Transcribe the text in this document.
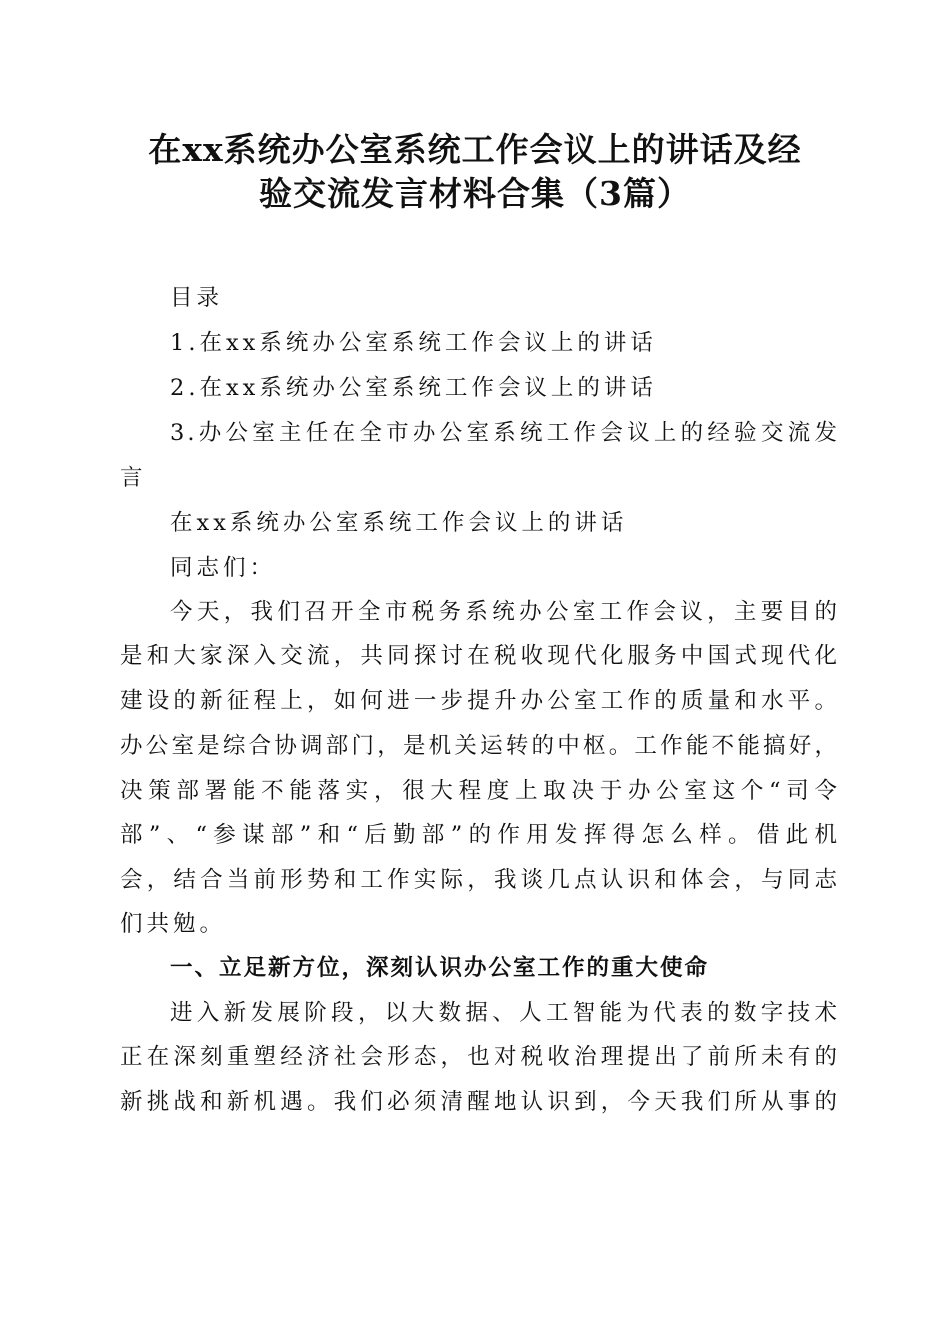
在xx系统办公室系统工作会议上的讲话及经
验交流发言材料合集（3篇）
目录
1.在xx系统办公室系统工作会议上的讲话
2.在xx系统办公室系统工作会议上的讲话
3.办公室主任在全市办公室系统工作会议上的经验交流发
言
在xx系统办公室系统工作会议上的讲话
同志们：
今天，我们召开全市税务系统办公室工作会议，主要目的
是和大家深入交流，共同探讨在税收现代化服务中国式现代化
建设的新征程上，如何进一步提升办公室工作的质量和水平。
办公室是综合协调部门，是机关运转的中枢。工作能不能搞好，
决策部署能不能落实，很大程度上取决于办公室这个“司令
部”、“参谋部”和“后勤部”的作用发挥得怎么样。借此机
会，结合当前形势和工作实际，我谈几点认识和体会，与同志
们共勉。
一、立足新方位，深刻认识办公室工作的重大使命
进入新发展阶段，以大数据、人工智能为代表的数字技术
正在深刻重塑经济社会形态，也对税收治理提出了前所未有的
新挑战和新机遇。我们必须清醒地认识到，今天我们所从事的
